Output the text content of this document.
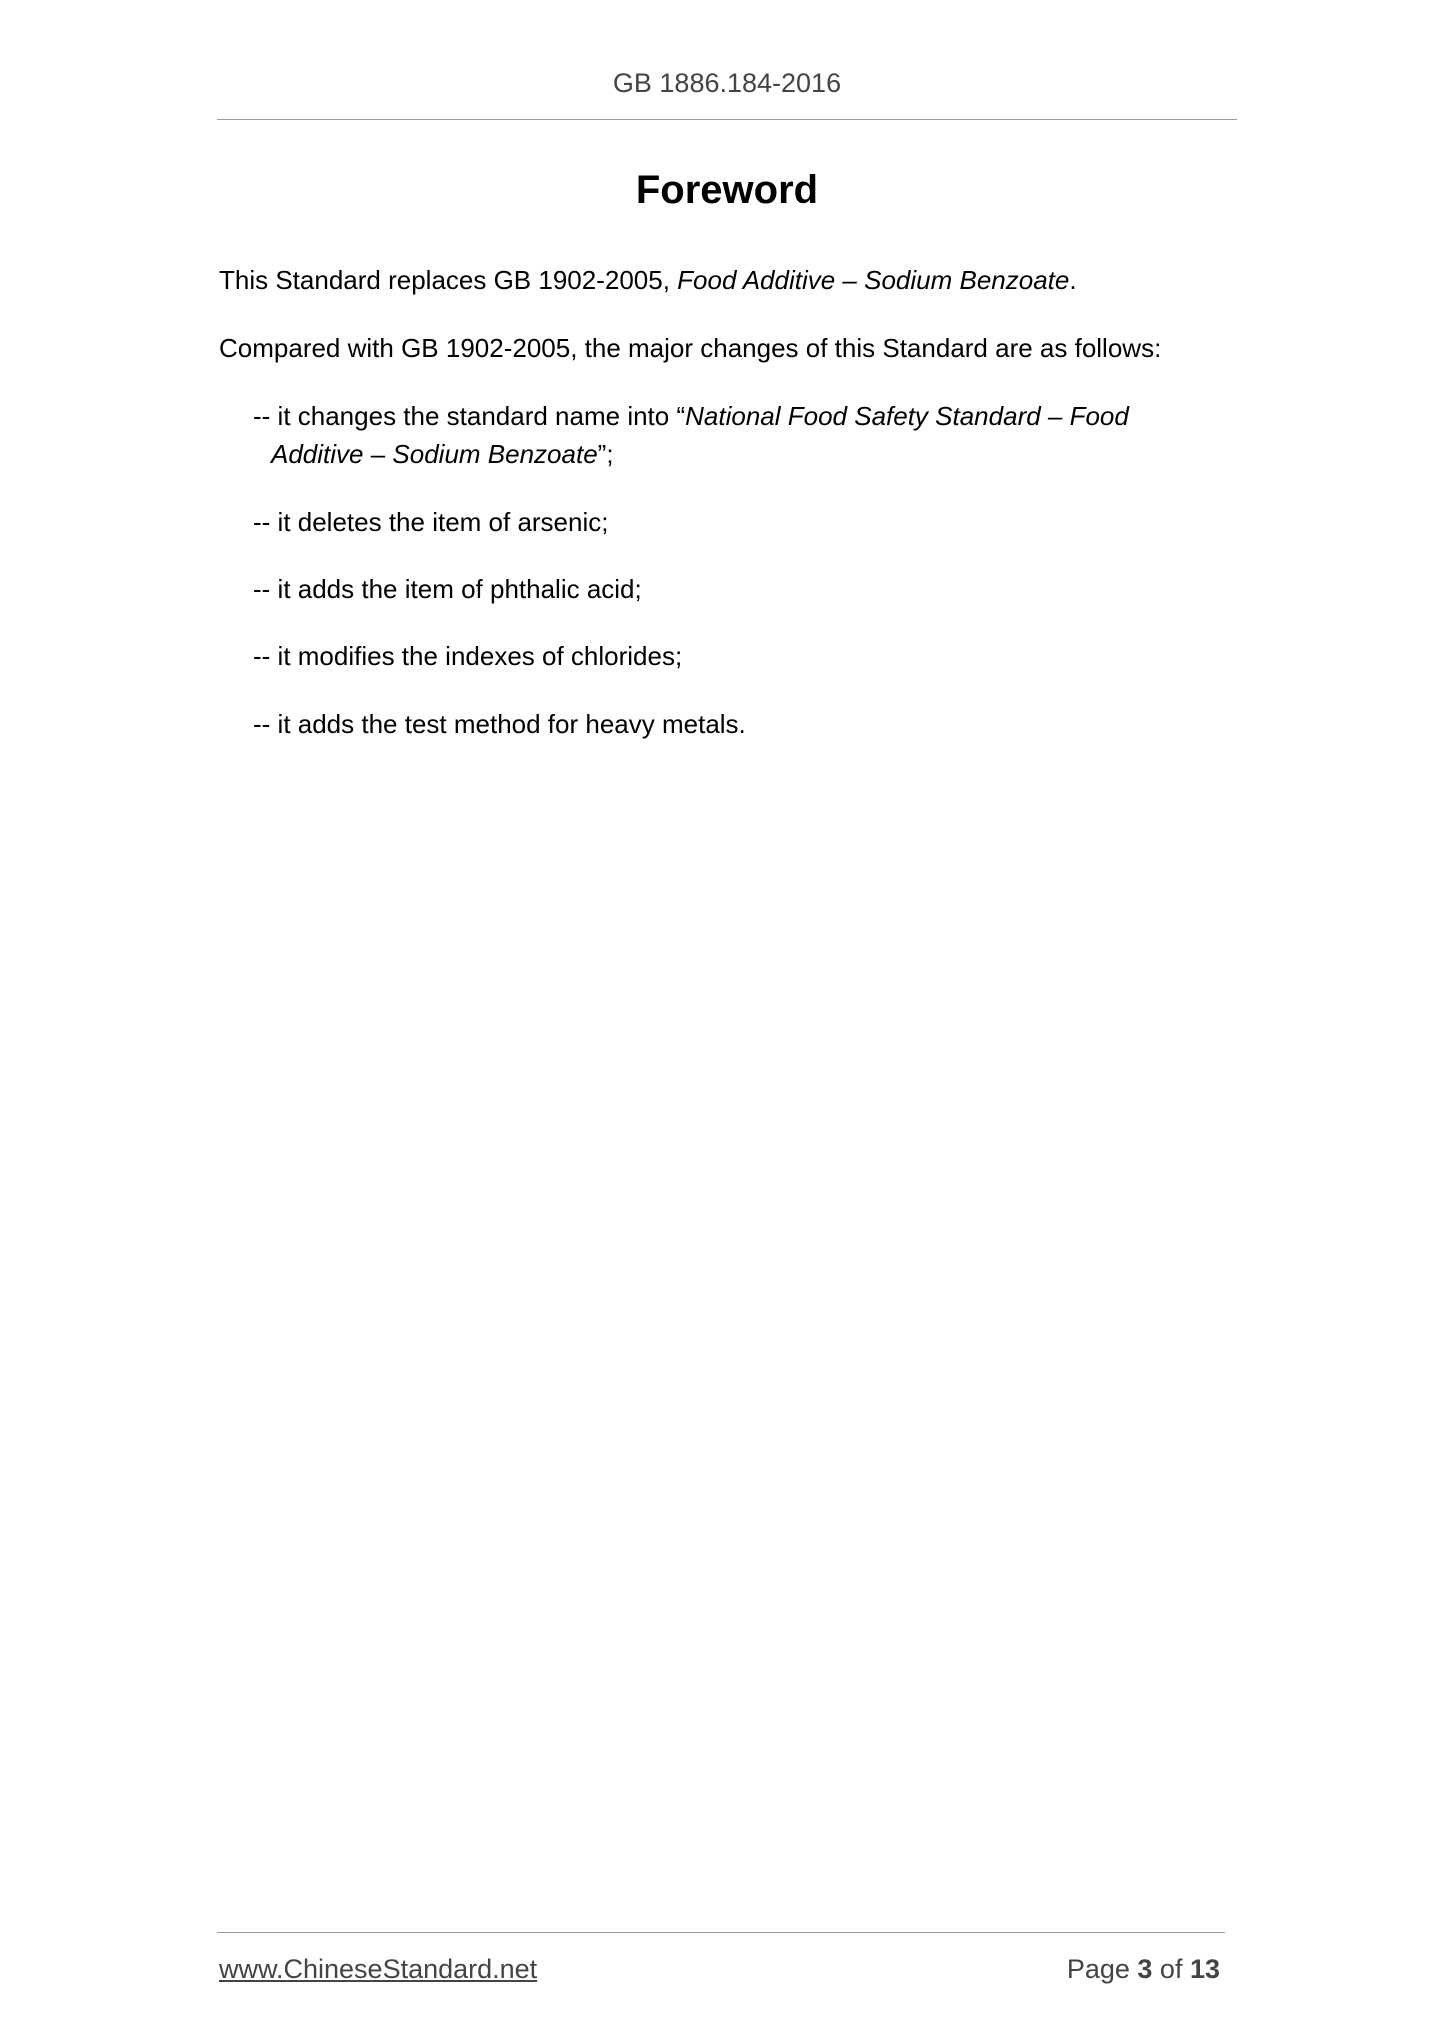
GB 1886.184-2016
Foreword

This Standard replaces GB 1902-2005, Food Additive – Sodium Benzoate.

Compared with GB 1902-2005, the major changes of this Standard are as follows:

-- it changes the standard name into “National Food Safety Standard – Food
Additive – Sodium Benzoate”;

-- it deletes the item of arsenic;

-- it adds the item of phthalic acid;

-- it modifies the indexes of chlorides;

-- it adds the test method for heavy metals.

www.ChineseStandard.net	Page 3 of 13
